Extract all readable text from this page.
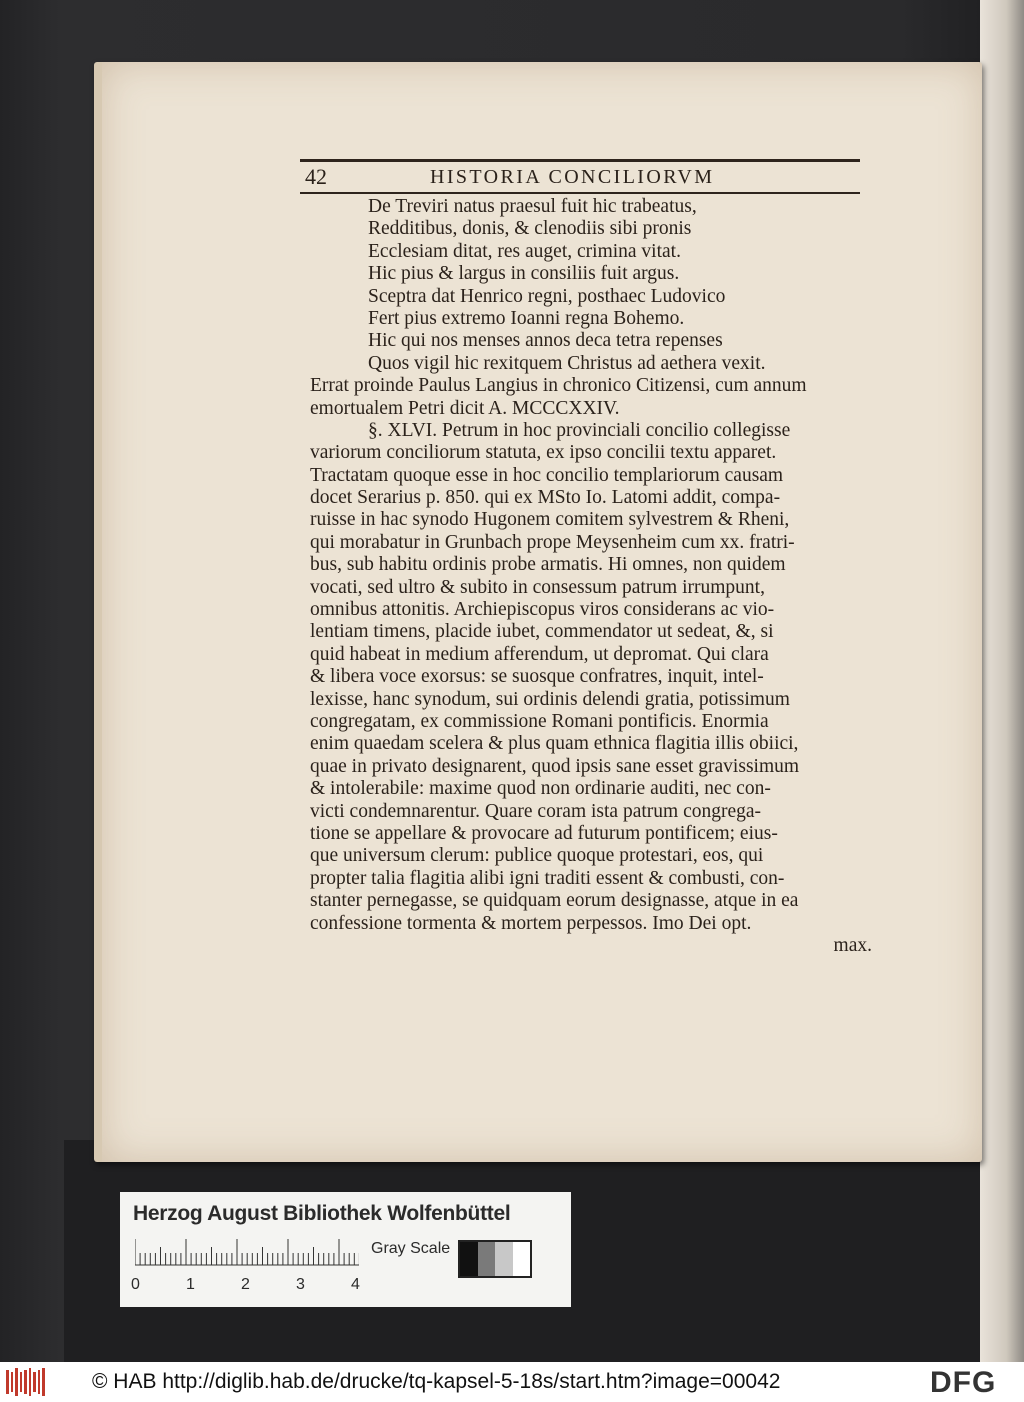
42	HISTORIA CONCILIORVM
De Treviri natus praesul fuit hic trabeatus,
Redditibus, donis, & clenodiis sibi pronis
Ecclesiam ditat, res auget, crimina vitat.
Hic pius & largus in consiliis fuit argus.
Sceptra dat Henrico regni, posthaec Ludovico
Fert pius extremo Ioanni regna Bohemo.
Hic qui nos menses annos deca tetra repenses
Quos vigil hic rexitquem Christus ad aethera vexit.
Errat proinde Paulus Langius in chronico Citizensi, cum annum
emortualem Petri dicit A. MCCCXXIV.
§. XLVI. Petrum in hoc provinciali concilio collegisse
variorum conciliorum statuta, ex ipso concilii textu apparet.
Tractatam quoque esse in hoc concilio templariorum causam
docet Serarius p. 850. qui ex MSto Io. Latomi addit, compa-
ruisse in hac synodo Hugonem comitem sylvestrem & Rheni,
qui morabatur in Grunbach prope Meysenheim cum xx. fratri-
bus, sub habitu ordinis probe armatis. Hi omnes, non quidem
vocati, sed ultro & subito in consessum patrum irrumpunt,
omnibus attonitis. Archiepiscopus viros considerans ac vio-
lentiam timens, placide iubet, commendator ut sedeat, &, si
quid habeat in medium afferendum, ut depromat. Qui clara
& libera voce exorsus: se suosque confratres, inquit, intel-
lexisse, hanc synodum, sui ordinis delendi gratia, potissimum
congregatam, ex commissione Romani pontificis. Enormia
enim quaedam scelera & plus quam ethnica flagitia illis obiici,
quae in privato designarent, quod ipsis sane esset gravissimum
& intolerabile: maxime quod non ordinarie auditi, nec con-
victi condemnarentur. Quare coram ista patrum congrega-
tione se appellare & provocare ad futurum pontificem; eius-
que universum clerum: publice quoque protestari, eos, qui
propter talia flagitia alibi igni traditi essent & combusti, con-
stanter pernegasse, se quidquam eorum designasse, atque in ea
confessione tormenta & mortem perpessos. Imo Dei opt.
max.
Herzog August Bibliothek Wolfenbüttel
Gray Scale
0	1	2	3	4
© HAB http://diglib.hab.de/drucke/tq-kapsel-5-18s/start.htm?image=00042	DFG
